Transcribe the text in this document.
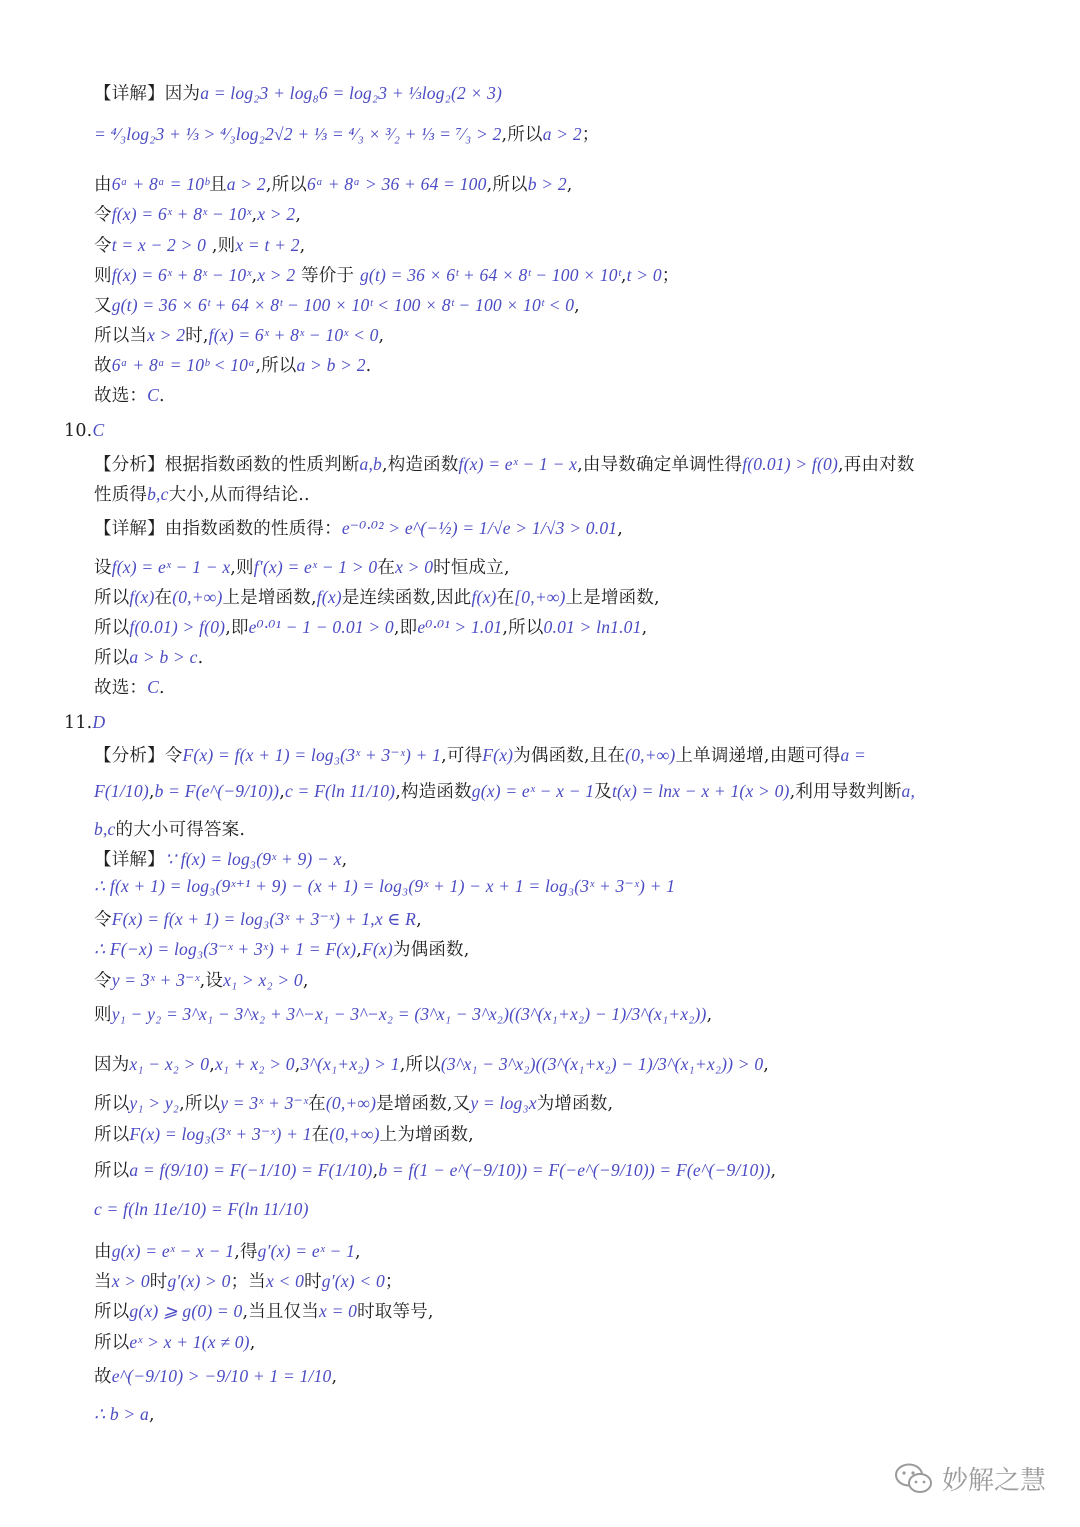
【详解】因为a = log₂3 + log₈6 = log₂3 + ⅓log₂(2 × 3)
= ⁴⁄₃log₂3 + ⅓ > ⁴⁄₃log₂2√2 + ⅓ = ⁴⁄₃ × ³⁄₂ + ⅓ = ⁷⁄₃ > 2,所以a > 2；
由6ᵃ + 8ᵃ = 10ᵇ且a > 2,所以6ᵃ + 8ᵃ > 36 + 64 = 100,所以b > 2,
令f(x) = 6ˣ + 8ˣ − 10ˣ,x > 2,
令t = x − 2 > 0 ,则x = t + 2,
则f(x) = 6ˣ + 8ˣ − 10ˣ,x > 2 等价于 g(t) = 36 × 6ᵗ + 64 × 8ᵗ − 100 × 10ᵗ,t > 0；
又g(t) = 36 × 6ᵗ + 64 × 8ᵗ − 100 × 10ᵗ < 100 × 8ᵗ − 100 × 10ᵗ < 0,
所以当x > 2时,f(x) = 6ˣ + 8ˣ − 10ˣ < 0,
故6ᵃ + 8ᵃ = 10ᵇ < 10ᵃ,所以a > b > 2.
故选：C.
10.C
【分析】根据指数函数的性质判断a,b,构造函数f(x) = eˣ − 1 − x,由导数确定单调性得f(0.01) > f(0),再由对数
性质得b,c大小,从而得结论..
【详解】由指数函数的性质得：e⁻⁰·⁰² > e^(−½) = 1/√e > 1/√3 > 0.01,
设f(x) = eˣ − 1 − x,则f′(x) = eˣ − 1 > 0在x > 0时恒成立,
所以f(x)在(0,+∞)上是增函数,f(x)是连续函数,因此f(x)在[0,+∞)上是增函数,
所以f(0.01) > f(0),即e⁰·⁰¹ − 1 − 0.01 > 0,即e⁰·⁰¹ > 1.01,所以0.01 > ln1.01,
所以a > b > c.
故选：C.
11.D
【分析】令F(x) = f(x + 1) = log₃(3ˣ + 3⁻ˣ) + 1,可得F(x)为偶函数,且在(0,+∞)上单调递增,由题可得a =
F(1/10),b = F(e^(−9/10)),c = F(ln 11/10),构造函数g(x) = eˣ − x − 1及t(x) = lnx − x + 1(x > 0),利用导数判断a,
b,c的大小可得答案.
【详解】∵ f(x) = log₃(9ˣ + 9) − x,
∴ f(x + 1) = log₃(9ˣ⁺¹ + 9) − (x + 1) = log₃(9ˣ + 1) − x + 1 = log₃(3ˣ + 3⁻ˣ) + 1
令F(x) = f(x + 1) = log₃(3ˣ + 3⁻ˣ) + 1,x ∈ R,
∴ F(−x) = log₃(3⁻ˣ + 3ˣ) + 1 = F(x),F(x)为偶函数,
令y = 3ˣ + 3⁻ˣ,设x₁ > x₂ > 0,
则y₁ − y₂ = 3^x₁ − 3^x₂ + 3^−x₁ − 3^−x₂ = (3^x₁ − 3^x₂)((3^(x₁+x₂) − 1)/3^(x₁+x₂)),
因为x₁ − x₂ > 0,x₁ + x₂ > 0,3^(x₁+x₂) > 1,所以(3^x₁ − 3^x₂)((3^(x₁+x₂) − 1)/3^(x₁+x₂)) > 0,
所以y₁ > y₂,所以y = 3ˣ + 3⁻ˣ在(0,+∞)是增函数,又y = log₃x为增函数,
所以F(x) = log₃(3ˣ + 3⁻ˣ) + 1在(0,+∞)上为增函数,
所以a = f(9/10) = F(−1/10) = F(1/10),b = f(1 − e^(−9/10)) = F(−e^(−9/10)) = F(e^(−9/10)),
c = f(ln 11e/10) = F(ln 11/10)
由g(x) = eˣ − x − 1,得g′(x) = eˣ − 1,
当x > 0时g′(x) > 0；当x < 0时g′(x) < 0；
所以g(x) ⩾ g(0) = 0,当且仅当x = 0时取等号,
所以eˣ > x + 1(x ≠ 0),
故e^(−9/10) > −9/10 + 1 = 1/10,
∴ b > a,
妙解之慧
